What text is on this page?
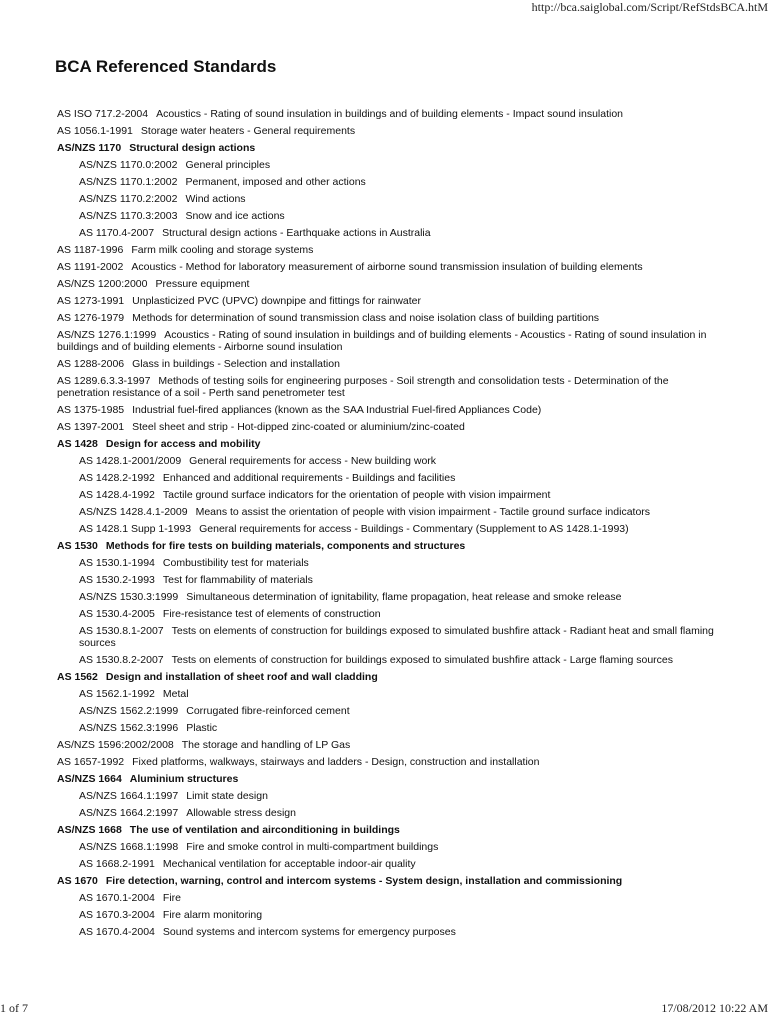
http://bca.saiglobal.com/Script/RefStdsBCA.htM
BCA Referenced Standards
AS ISO 717.2-2004 Acoustics - Rating of sound insulation in buildings and of building elements - Impact sound insulation
AS 1056.1-1991 Storage water heaters - General requirements
AS/NZS 1170 Structural design actions
AS/NZS 1170.0:2002 General principles
AS/NZS 1170.1:2002 Permanent, imposed and other actions
AS/NZS 1170.2:2002 Wind actions
AS/NZS 1170.3:2003 Snow and ice actions
AS 1170.4-2007 Structural design actions - Earthquake actions in Australia
AS 1187-1996 Farm milk cooling and storage systems
AS 1191-2002 Acoustics - Method for laboratory measurement of airborne sound transmission insulation of building elements
AS/NZS 1200:2000 Pressure equipment
AS 1273-1991 Unplasticized PVC (UPVC) downpipe and fittings for rainwater
AS 1276-1979 Methods for determination of sound transmission class and noise isolation class of building partitions
AS/NZS 1276.1:1999 Acoustics - Rating of sound insulation in buildings and of building elements - Acoustics - Rating of sound insulation in buildings and of building elements - Airborne sound insulation
AS 1288-2006 Glass in buildings - Selection and installation
AS 1289.6.3.3-1997 Methods of testing soils for engineering purposes - Soil strength and consolidation tests - Determination of the penetration resistance of a soil - Perth sand penetrometer test
AS 1375-1985 Industrial fuel-fired appliances (known as the SAA Industrial Fuel-fired Appliances Code)
AS 1397-2001 Steel sheet and strip - Hot-dipped zinc-coated or aluminium/zinc-coated
AS 1428 Design for access and mobility
AS 1428.1-2001/2009 General requirements for access - New building work
AS 1428.2-1992 Enhanced and additional requirements - Buildings and facilities
AS 1428.4-1992 Tactile ground surface indicators for the orientation of people with vision impairment
AS/NZS 1428.4.1-2009 Means to assist the orientation of people with vision impairment - Tactile ground surface indicators
AS 1428.1 Supp 1-1993 General requirements for access - Buildings - Commentary (Supplement to AS 1428.1-1993)
AS 1530 Methods for fire tests on building materials, components and structures
AS 1530.1-1994 Combustibility test for materials
AS 1530.2-1993 Test for flammability of materials
AS/NZS 1530.3:1999 Simultaneous determination of ignitability, flame propagation, heat release and smoke release
AS 1530.4-2005 Fire-resistance test of elements of construction
AS 1530.8.1-2007 Tests on elements of construction for buildings exposed to simulated bushfire attack - Radiant heat and small flaming sources
AS 1530.8.2-2007 Tests on elements of construction for buildings exposed to simulated bushfire attack - Large flaming sources
AS 1562 Design and installation of sheet roof and wall cladding
AS 1562.1-1992 Metal
AS/NZS 1562.2:1999 Corrugated fibre-reinforced cement
AS/NZS 1562.3:1996 Plastic
AS/NZS 1596:2002/2008 The storage and handling of LP Gas
AS 1657-1992 Fixed platforms, walkways, stairways and ladders - Design, construction and installation
AS/NZS 1664 Aluminium structures
AS/NZS 1664.1:1997 Limit state design
AS/NZS 1664.2:1997 Allowable stress design
AS/NZS 1668 The use of ventilation and airconditioning in buildings
AS/NZS 1668.1:1998 Fire and smoke control in multi-compartment buildings
AS 1668.2-1991 Mechanical ventilation for acceptable indoor-air quality
AS 1670 Fire detection, warning, control and intercom systems - System design, installation and commissioning
AS 1670.1-2004 Fire
AS 1670.3-2004 Fire alarm monitoring
AS 1670.4-2004 Sound systems and intercom systems for emergency purposes
1 of 7	17/08/2012 10:22 AM
